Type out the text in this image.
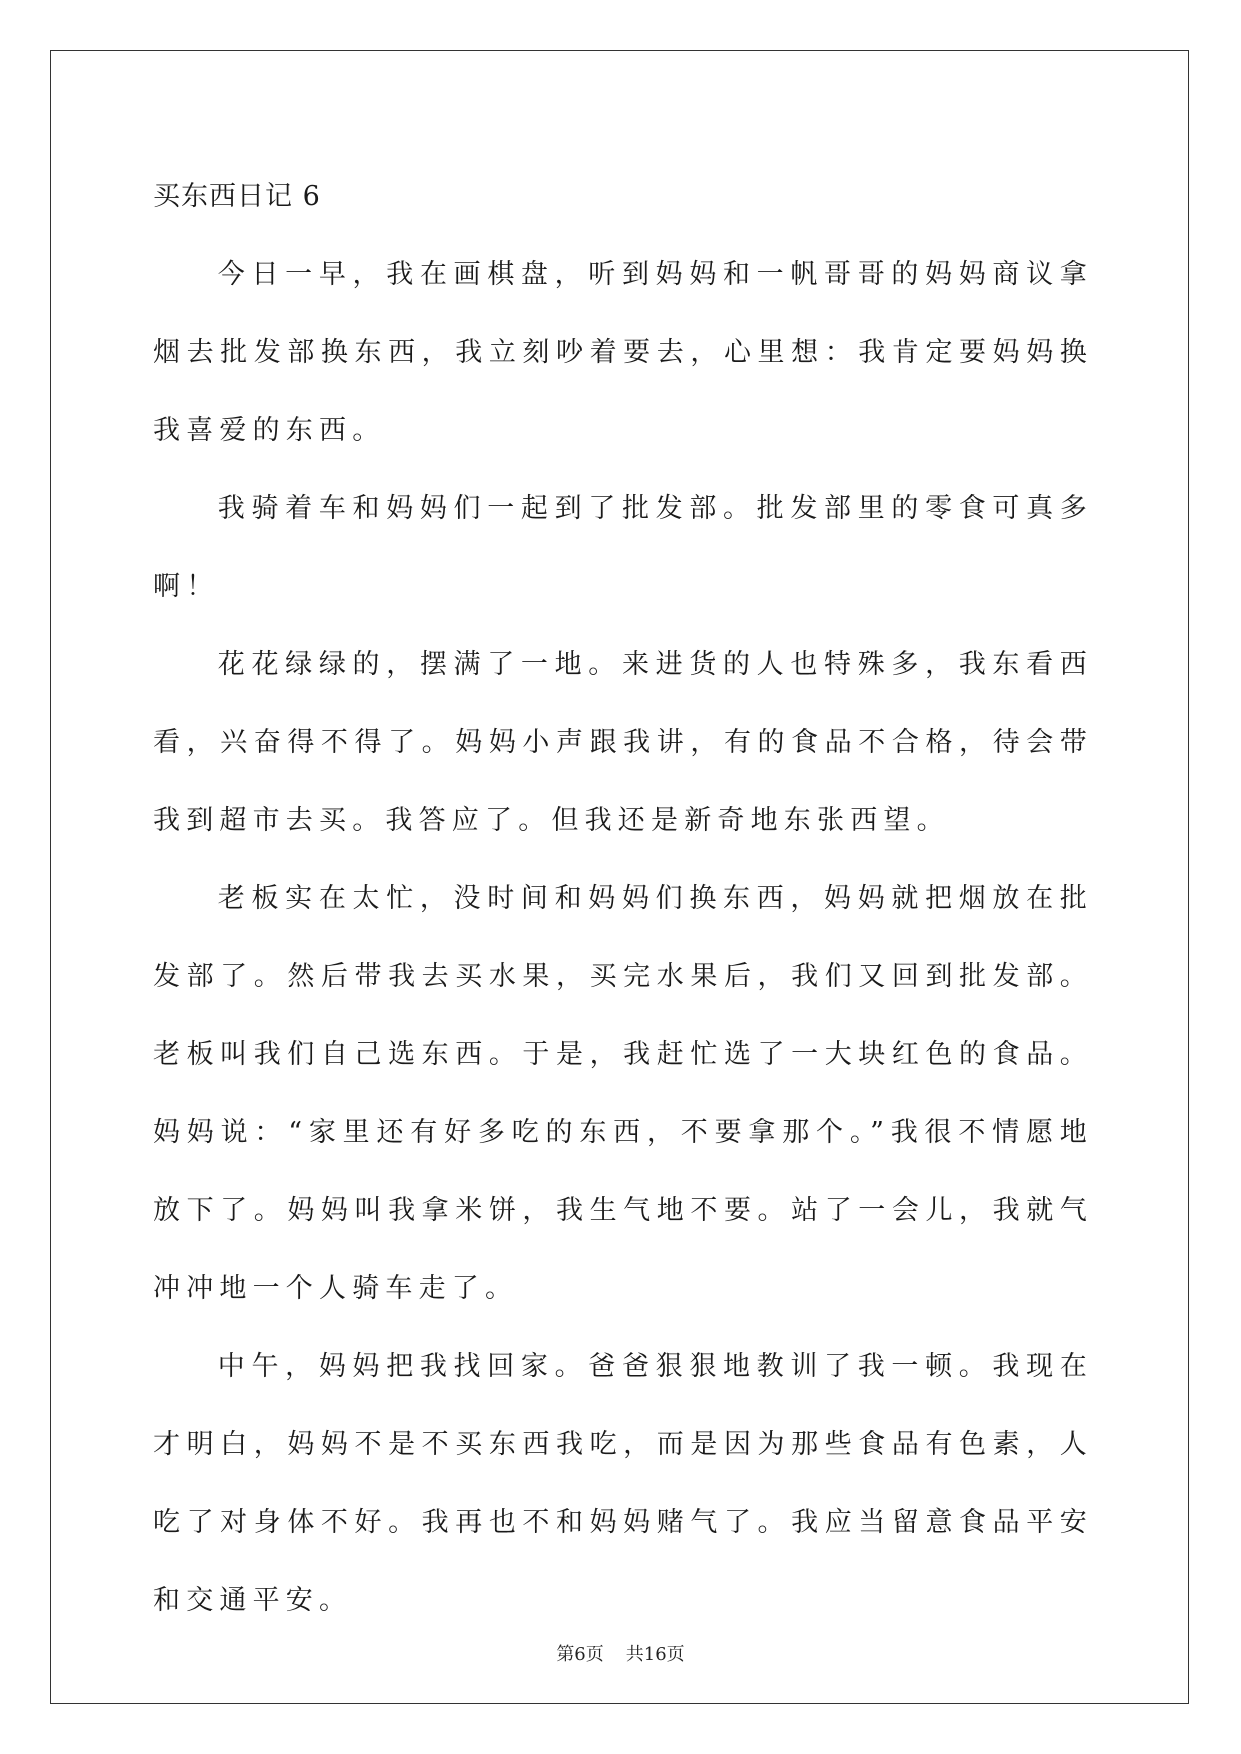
买东西日记 6

今日一早，我在画棋盘，听到妈妈和一帆哥哥的妈妈商议拿烟去批发部换东西，我立刻吵着要去，心里想：我肯定要妈妈换我喜爱的东西。

我骑着车和妈妈们一起到了批发部。批发部里的零食可真多啊！

花花绿绿的，摆满了一地。来进货的人也特殊多，我东看西看，兴奋得不得了。妈妈小声跟我讲，有的食品不合格，待会带我到超市去买。我答应了。但我还是新奇地东张西望。

老板实在太忙，没时间和妈妈们换东西，妈妈就把烟放在批发部了。然后带我去买水果，买完水果后，我们又回到批发部。老板叫我们自己选东西。于是，我赶忙选了一大块红色的食品。妈妈说：“家里还有好多吃的东西，不要拿那个。”我很不情愿地放下了。妈妈叫我拿米饼，我生气地不要。站了一会儿，我就气冲冲地一个人骑车走了。

中午，妈妈把我找回家。爸爸狠狠地教训了我一顿。我现在才明白，妈妈不是不买东西我吃，而是因为那些食品有色素，人吃了对身体不好。我再也不和妈妈赌气了。我应当留意食品平安和交通平安。

第6页 共16页
